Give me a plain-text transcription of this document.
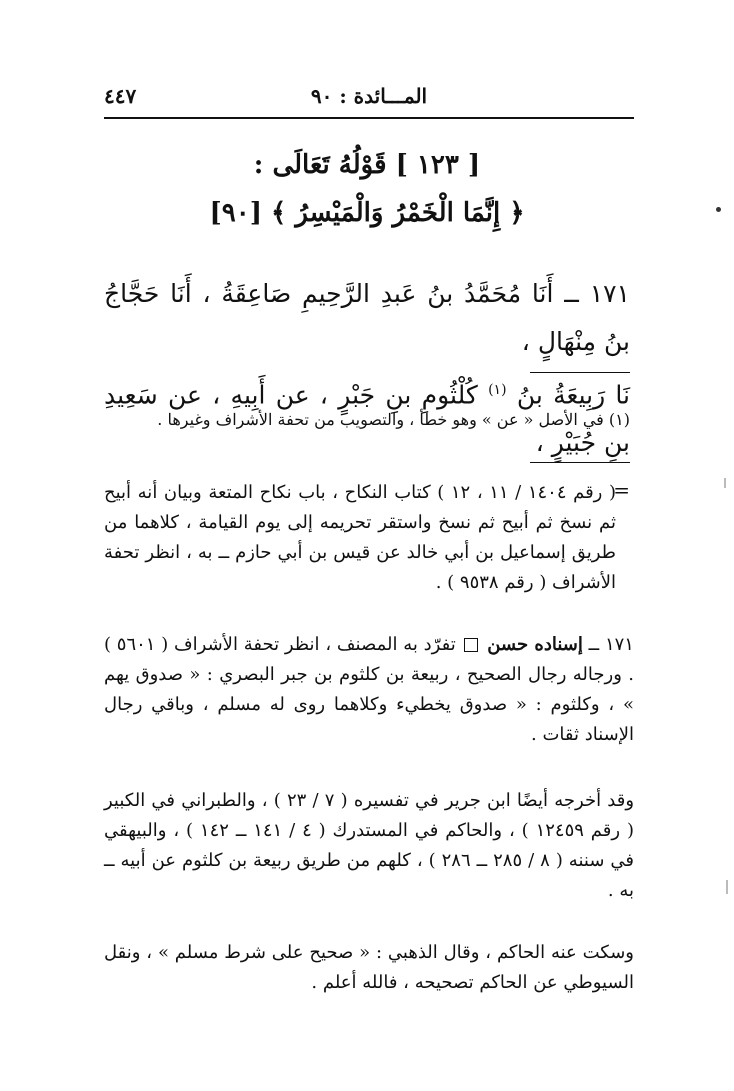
٤٤٧	المـــائدة : ٩٠
[ ١٢٣ ] قَوْلُهُ تَعَالَى :
﴿ إِنَّمَا الْخَمْرُ وَالْمَيْسِرُ ﴾ [٩٠]

١٧١ ــ أَنَا مُحَمَّدُ بنُ عَبدِ الرَّحِيمِ صَاعِقَةُ ، أَنَا حَجَّاجُ بنُ مِنْهَالٍ ،

نَا رَبِيعَةُ بنُ $^{(١)}$ كُلْثُومِ بنِ جَبْرٍ ، عن أَبِيهِ ، عن سَعِيدِ بنِ جُبَيْرٍ ،

(١) في الأصل « عن » وهو خطأ ، والتصويب من تحفة الأشراف وغيرها .
=

( رقم ١٤٠٤ / ١١ ، ١٢ ) كتاب النكاح ، باب نكاح المتعة وبيان أنه أبيح ثم نسخ ثم أبيح ثم نسخ واستقر تحريمه إلى يوم القيامة ، كلاهما من طريق إسماعيل بن أبي خالد عن قيس بن أبي حازم ــ به ، انظر تحفة الأشراف ( رقم ٩٥٣٨ ) .

١٧١ ــ إسناده حسن  تفرّد به المصنف ، انظر تحفة الأشراف ( ٥٦٠١ ) . ورجاله رجال الصحيح ، ربيعة بن كلثوم بن جبر البصري : « صدوق يهم » ، وكلثوم : « صدوق يخطيء وكلاهما روى له مسلم ، وباقي رجال الإسناد ثقات .

وقد أخرجه أيضًا ابن جرير في تفسيره ( ٧ / ٢٣ ) ، والطبراني في الكبير ( رقم ١٢٤٥٩ ) ، والحاكم في المستدرك ( ٤ / ١٤١ ــ ١٤٢ ) ، والبيهقي في سننه ( ٨ / ٢٨٥ ــ ٢٨٦ ) ، كلهم من طريق ربيعة بن كلثوم عن أبيه ــ به .

وسكت عنه الحاكم ، وقال الذهبي : « صحيح على شرط مسلم » ، ونقل السيوطي عن الحاكم تصحيحه ، فالله أعلم .
